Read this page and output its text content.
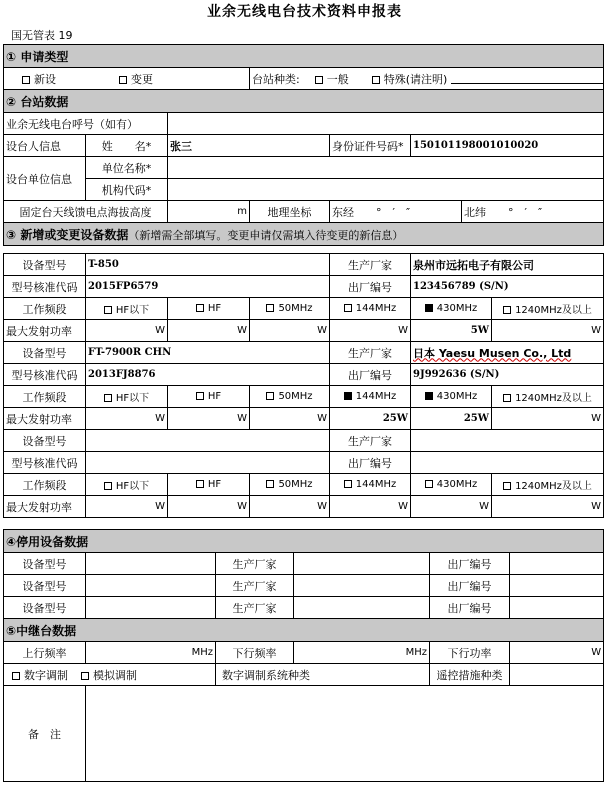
业余无线电台技术资料申报表
国无管表 19
① 申请类型						
新设 变更			台站种类: 一般 特殊(请注明)			
② 台站数据						
业余无线电台呼号（如有）						
设台人信息	姓　　名*	张三		身份证件号码*	150101198001010020	
设台单位信息	单位名称*					
	机构代码*					
固定台天线馈电点海拔高度		m	地理坐标	东经　　°　′　″		北纬　　°　′　″
③ 新增或变更设备数据（新增需全部填写。变更申请仅需填入待变更的新信息）						
设备型号	T-850			生产厂家	泉州市远拓电子有限公司	
型号核准代码	2015FP6579			出厂编号	123456789 (S/N)	
工作频段	HF以下	HF	50MHz	144MHz	430MHz	1240MHz及以上
最大发射功率	W	W	W	W	5W	W
设备型号	FT-7900R CHN			生产厂家	日本 Yaesu Musen Co., Ltd	
型号核准代码	2013FJ8876			出厂编号	9J992636 (S/N)	
工作频段	HF以下	HF	50MHz	144MHz	430MHz	1240MHz及以上
最大发射功率	W	W	W	25W	25W	W
设备型号				生产厂家		
型号核准代码				出厂编号		
工作频段	HF以下	HF	50MHz	144MHz	430MHz	1240MHz及以上
最大发射功率	W	W	W	W	W	W
④停用设备数据					
设备型号		生产厂家		出厂编号	
设备型号		生产厂家		出厂编号	
设备型号		生产厂家		出厂编号	
⑤中继台数据					
上行频率	MHz	下行频率	MHz	下行功率	W
数字调制 模拟调制		数字调制系统种类		遥控措施种类	
备　注					
